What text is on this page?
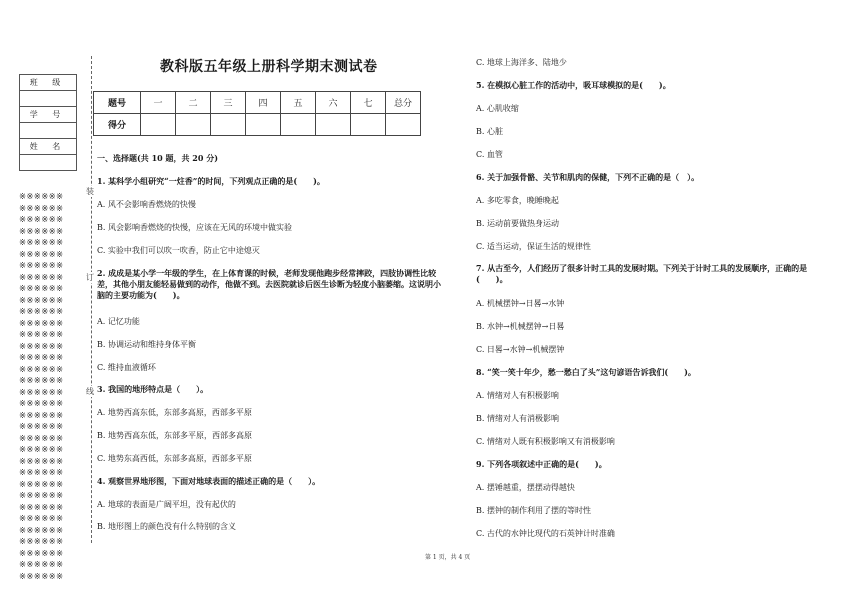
班 级

学 号

姓 名

※※※※※※
※※※※※※
※※※※※※
※※※※※※
※※※※※※
※※※※※※
※※※※※※
※※※※※※
※※※※※※
※※※※※※
※※※※※※
※※※※※※
※※※※※※
※※※※※※
※※※※※※
※※※※※※
※※※※※※
※※※※※※
※※※※※※
※※※※※※
※※※※※※
※※※※※※
※※※※※※
※※※※※※
※※※※※※
※※※※※※
※※※※※※
※※※※※※
※※※※※※
※※※※※※
※※※※※※
※※※※※※
※※※※※※
※※※※※※
装
订
线
教科版五年级上册科学期末测试卷
题号	一	二	三	四	五	六	七	总分
得分								

一、选择题(共 10 题，共 20 分)

1. 某科学小组研究“一炷香”的时间，下列观点正确的是(　　)。

A. 风不会影响香燃烧的快慢

B. 风会影响香燃烧的快慢，应该在无风的环境中做实验

C. 实验中我们可以吹一吹香，防止它中途熄灭

2. 成成是某小学一年级的学生，在上体育课的时候，老师发现他跑步经常摔跤，四肢协调性比较差，其他小朋友能轻易做到的动作，他做不到。去医院就诊后医生诊断为轻度小脑萎缩。这说明小脑的主要功能为(　　)。

A. 记忆功能

B. 协调运动和维持身体平衡

C. 维持血液循环

3. 我国的地形特点是（　　）。

A. 地势西高东低，东部多高原，西部多平原

B. 地势西高东低，东部多平原，西部多高原

C. 地势东高西低，东部多高原，西部多平原

4. 观察世界地形图，下面对地球表面的描述正确的是（　　）。

A. 地球的表面是广阔平坦，没有起伏的

B. 地形图上的颜色没有什么特别的含义

C. 地球上海洋多、陆地少

5. 在模拟心脏工作的活动中，吸耳球模拟的是(　　)。

A. 心肌收缩

B. 心脏

C. 血管

6. 关于加强骨骼、关节和肌肉的保健，下列不正确的是（　）。

A. 多吃零食，晚睡晚起

B. 运动前要做热身运动

C. 适当运动，保证生活的规律性

7. 从古至今，人们经历了很多计时工具的发展时期。下列关于计时工具的发展顺序，正确的是(　　)。

A. 机械摆钟→日晷→水钟

B. 水钟→机械摆钟→日晷

C. 日晷→水钟→机械摆钟

8. “笑一笑十年少，愁一愁白了头”这句谚语告诉我们(　　)。

A. 情绪对人有积极影响

B. 情绪对人有消极影响

C. 情绪对人既有积极影响又有消极影响

9. 下列各项叙述中正确的是(　　)。

A. 摆锤越重，摆摆动得越快

B. 摆钟的制作利用了摆的等时性

C. 古代的水钟比现代的石英钟计时准确

第 1 页，共 4 页
